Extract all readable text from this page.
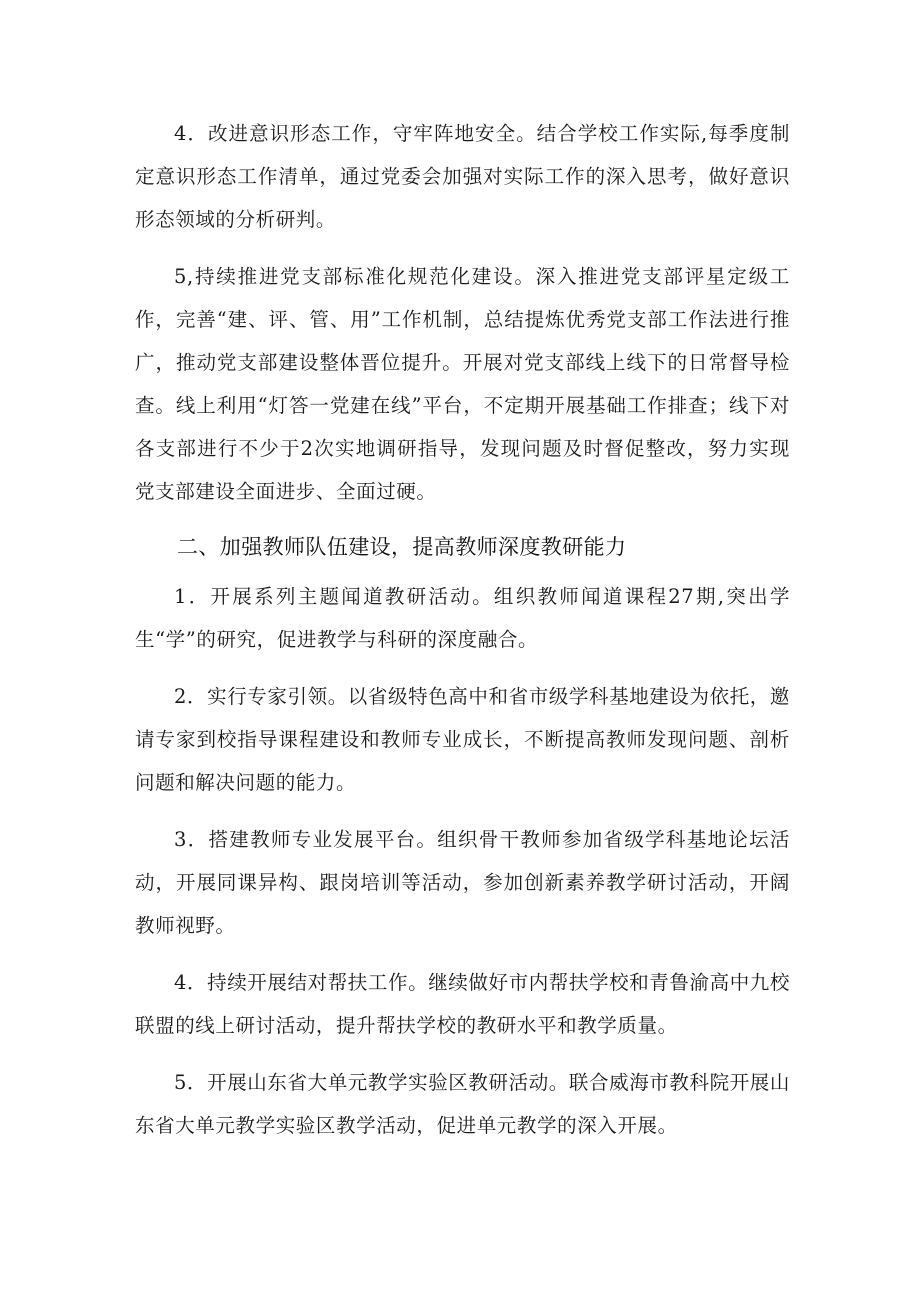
4．改进意识形态工作，守牢阵地安全。结合学校工作实际,每季度制定意识形态工作清单，通过党委会加强对实际工作的深入思考，做好意识形态领域的分析研判。

5,持续推进党支部标准化规范化建设。深入推进党支部评星定级工作，完善“建、评、管、用”工作机制，总结提炼优秀党支部工作法进行推广，推动党支部建设整体晋位提升。开展对党支部线上线下的日常督导检查。线上利用“灯答一党建在线”平台，不定期开展基础工作排查；线下对各支部进行不少于2次实地调研指导，发现问题及时督促整改，努力实现党支部建设全面进步、全面过硬。

二、加强教师队伍建设，提高教师深度教研能力

1．开展系列主题闻道教研活动。组织教师闻道课程27期,突出学生“学”的研究，促进教学与科研的深度融合。

2．实行专家引领。以省级特色高中和省市级学科基地建设为依托，邀请专家到校指导课程建设和教师专业成长，不断提高教师发现问题、剖析问题和解决问题的能力。

3．搭建教师专业发展平台。组织骨干教师参加省级学科基地论坛活动，开展同课异构、跟岗培训等活动，参加创新素养教学研讨活动，开阔教师视野。

4．持续开展结对帮扶工作。继续做好市内帮扶学校和青鲁渝高中九校联盟的线上研讨活动，提升帮扶学校的教研水平和教学质量。

5．开展山东省大单元教学实验区教研活动。联合威海市教科院开展山东省大单元教学实验区教学活动，促进单元教学的深入开展。
